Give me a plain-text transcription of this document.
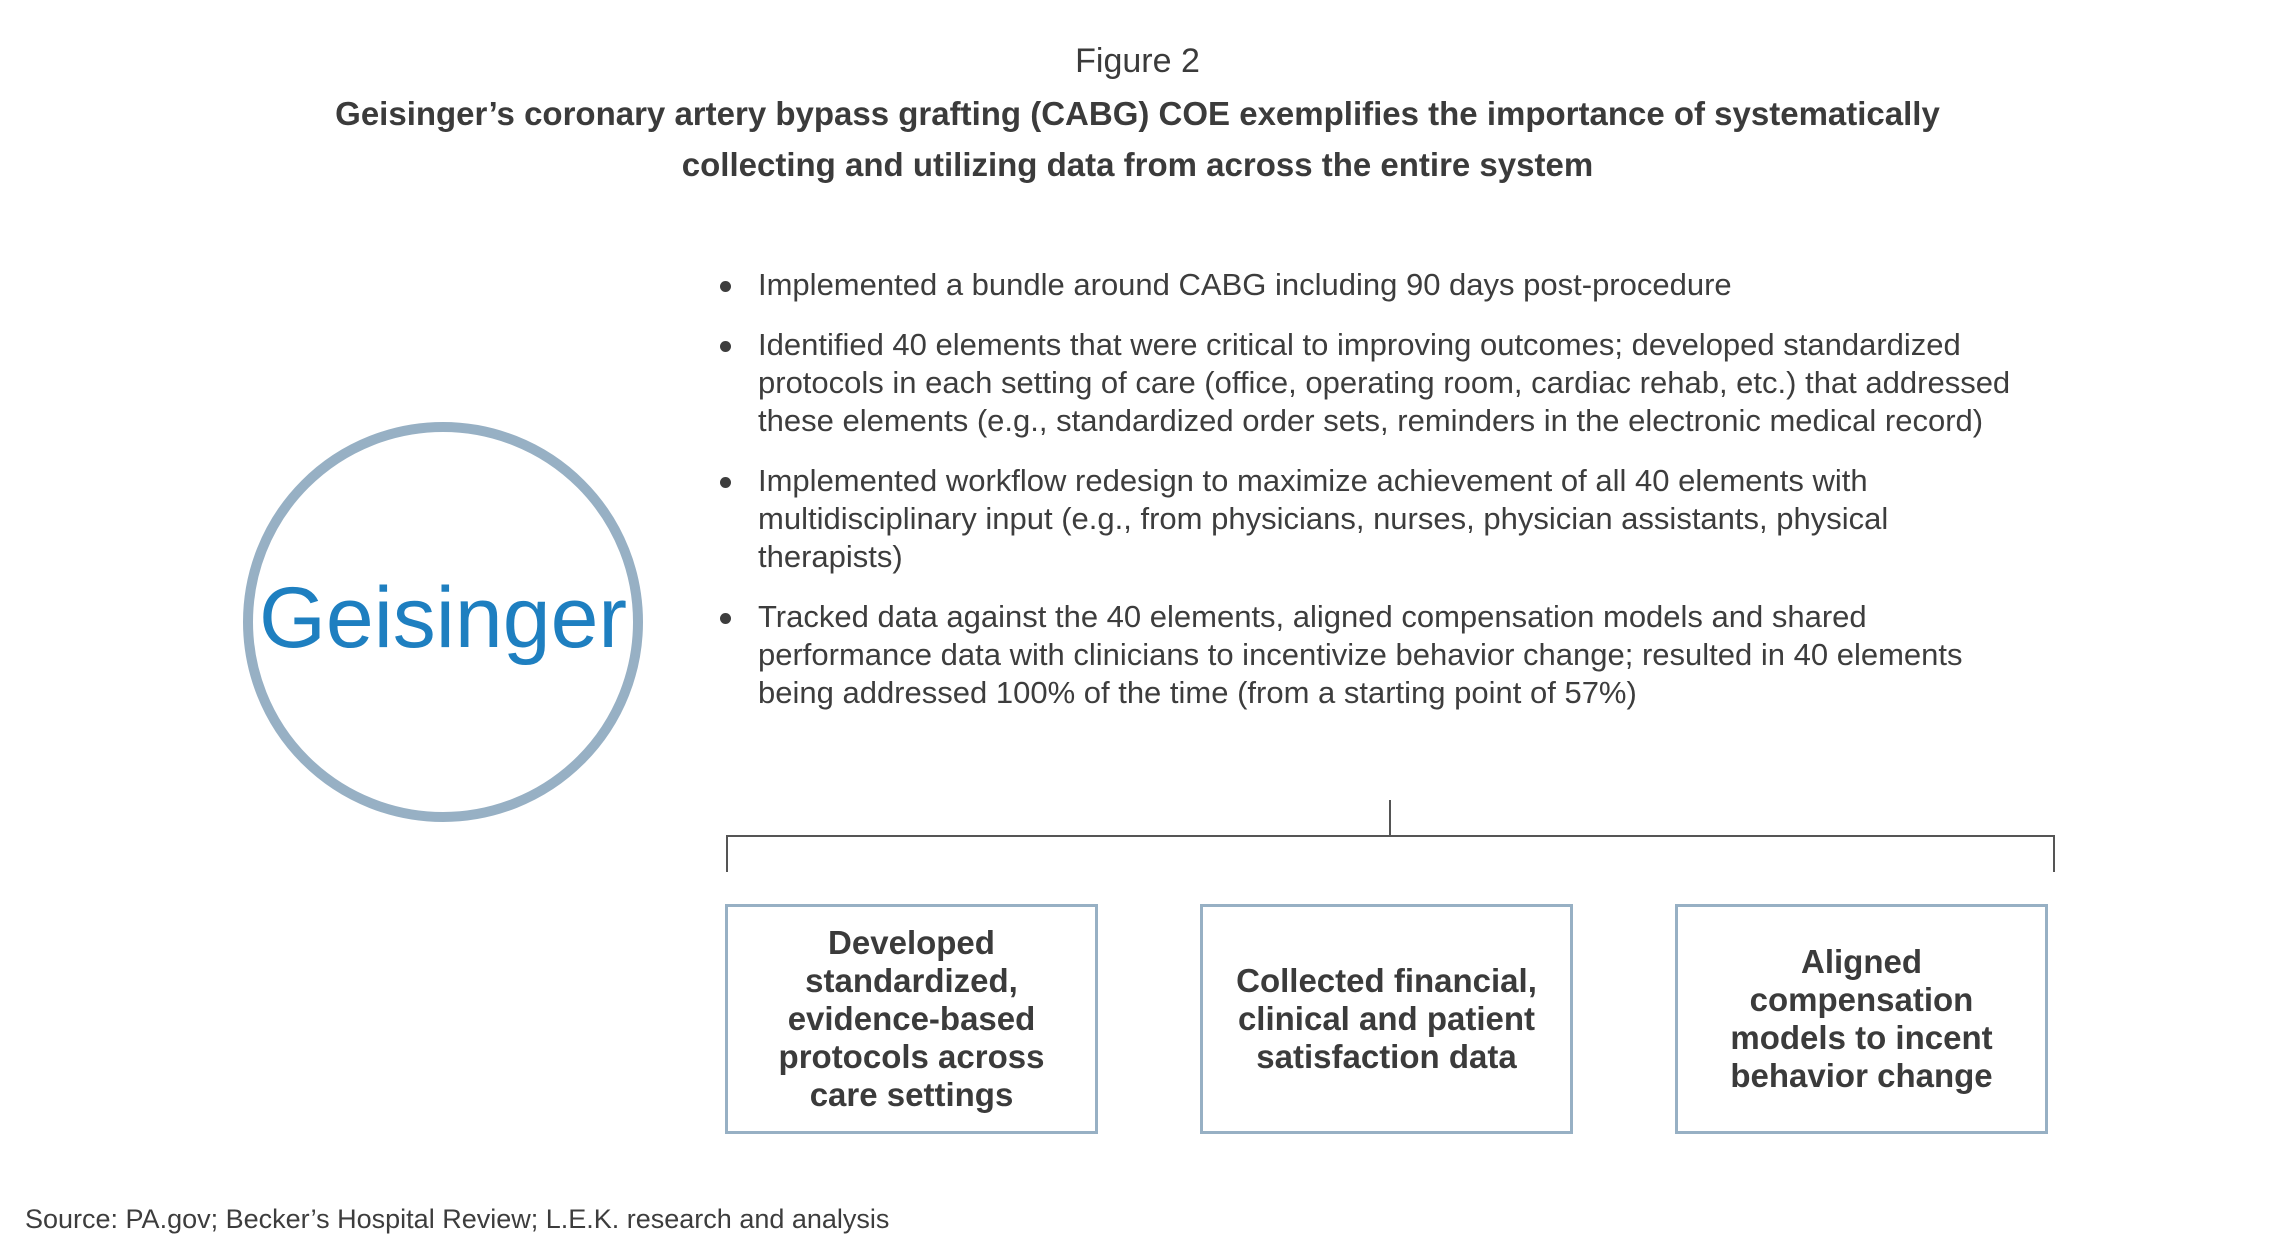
Figure 2
Geisinger’s coronary artery bypass grafting (CABG) COE exemplifies the importance of systematically
collecting and utilizing data from across the entire system
Geisinger
Implemented a bundle around CABG including 90 days post-procedure
Identified 40 elements that were critical to improving outcomes; developed standardized protocols in each setting of care (office, operating room, cardiac rehab, etc.) that addressed these elements (e.g., standardized order sets, reminders in the electronic medical record)
Implemented workflow redesign to maximize achievement of all 40 elements with multidisciplinary input (e.g., from physicians, nurses, physician assistants, physical therapists)
Tracked data against the 40 elements, aligned compensation models and shared performance data with clinicians to incentivize behavior change; resulted in 40 elements being addressed 100% of the time (from a starting point of 57%)
Developed standardized, evidence-based protocols across care settings
Collected financial, clinical and patient satisfaction data
Aligned compensation models to incent behavior change
Source: PA.gov; Becker’s Hospital Review; L.E.K. research and analysis
